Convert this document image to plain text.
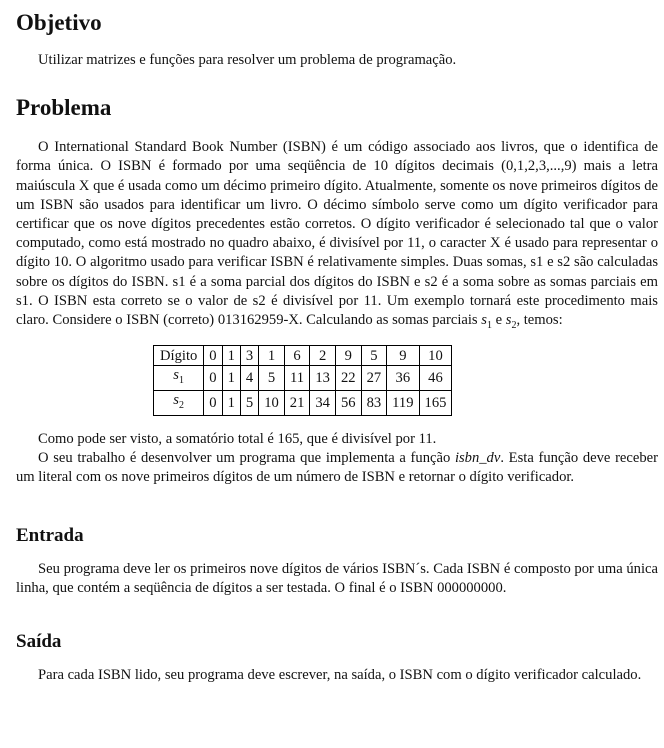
Objetivo

Utilizar matrizes e funções para resolver um problema de programação.

Problema

O International Standard Book Number (ISBN) é um código associado aos livros, que o identifica de forma única. O ISBN é formado por uma seqüência de 10 dígitos decimais (0,1,2,3,...,9) mais a letra maiúscula X que é usada como um décimo primeiro dígito. Atualmente, somente os nove primeiros dígitos de um ISBN são usados para identificar um livro. O décimo símbolo serve como um dígito verificador para certificar que os nove dígitos precedentes estão corretos. O dígito verificador é selecionado tal que o valor computado, como está mostrado no quadro abaixo, é divisível por 11, o caracter X é usado para representar o dígito 10. O algoritmo usado para verificar ISBN é relativamente simples. Duas somas, s1 e s2 são calculadas sobre os dígitos do ISBN. s1 é a soma parcial dos dígitos do ISBN e s2 é a soma sobre as somas parciais em s1. O ISBN esta correto se o valor de s2 é divisível por 11. Um exemplo tornará este procedimento mais claro. Considere o ISBN (correto) 013162959-X. Calculando as somas parciais $s_1$ e $s_2$, temos:

Dígito	0	1	3	1	6	2	9	5	9	10
$s_1$	0	1	4	5	11	13	22	27	36	46
$s_2$	0	1	5	10	21	34	56	83	119	165

Como pode ser visto, a somatório total é 165, que é divisível por 11.

O seu trabalho é desenvolver um programa que implementa a função isbn_dv. Esta função deve receber um literal com os nove primeiros dígitos de um número de ISBN e retornar o dígito verificador.

Entrada

Seu programa deve ler os primeiros nove dígitos de vários ISBN´s. Cada ISBN é composto por uma única linha, que contém a seqüência de dígitos a ser testada. O final é o ISBN 000000000.

Saída

Para cada ISBN lido, seu programa deve escrever, na saída, o ISBN com o dígito verificador calculado.
